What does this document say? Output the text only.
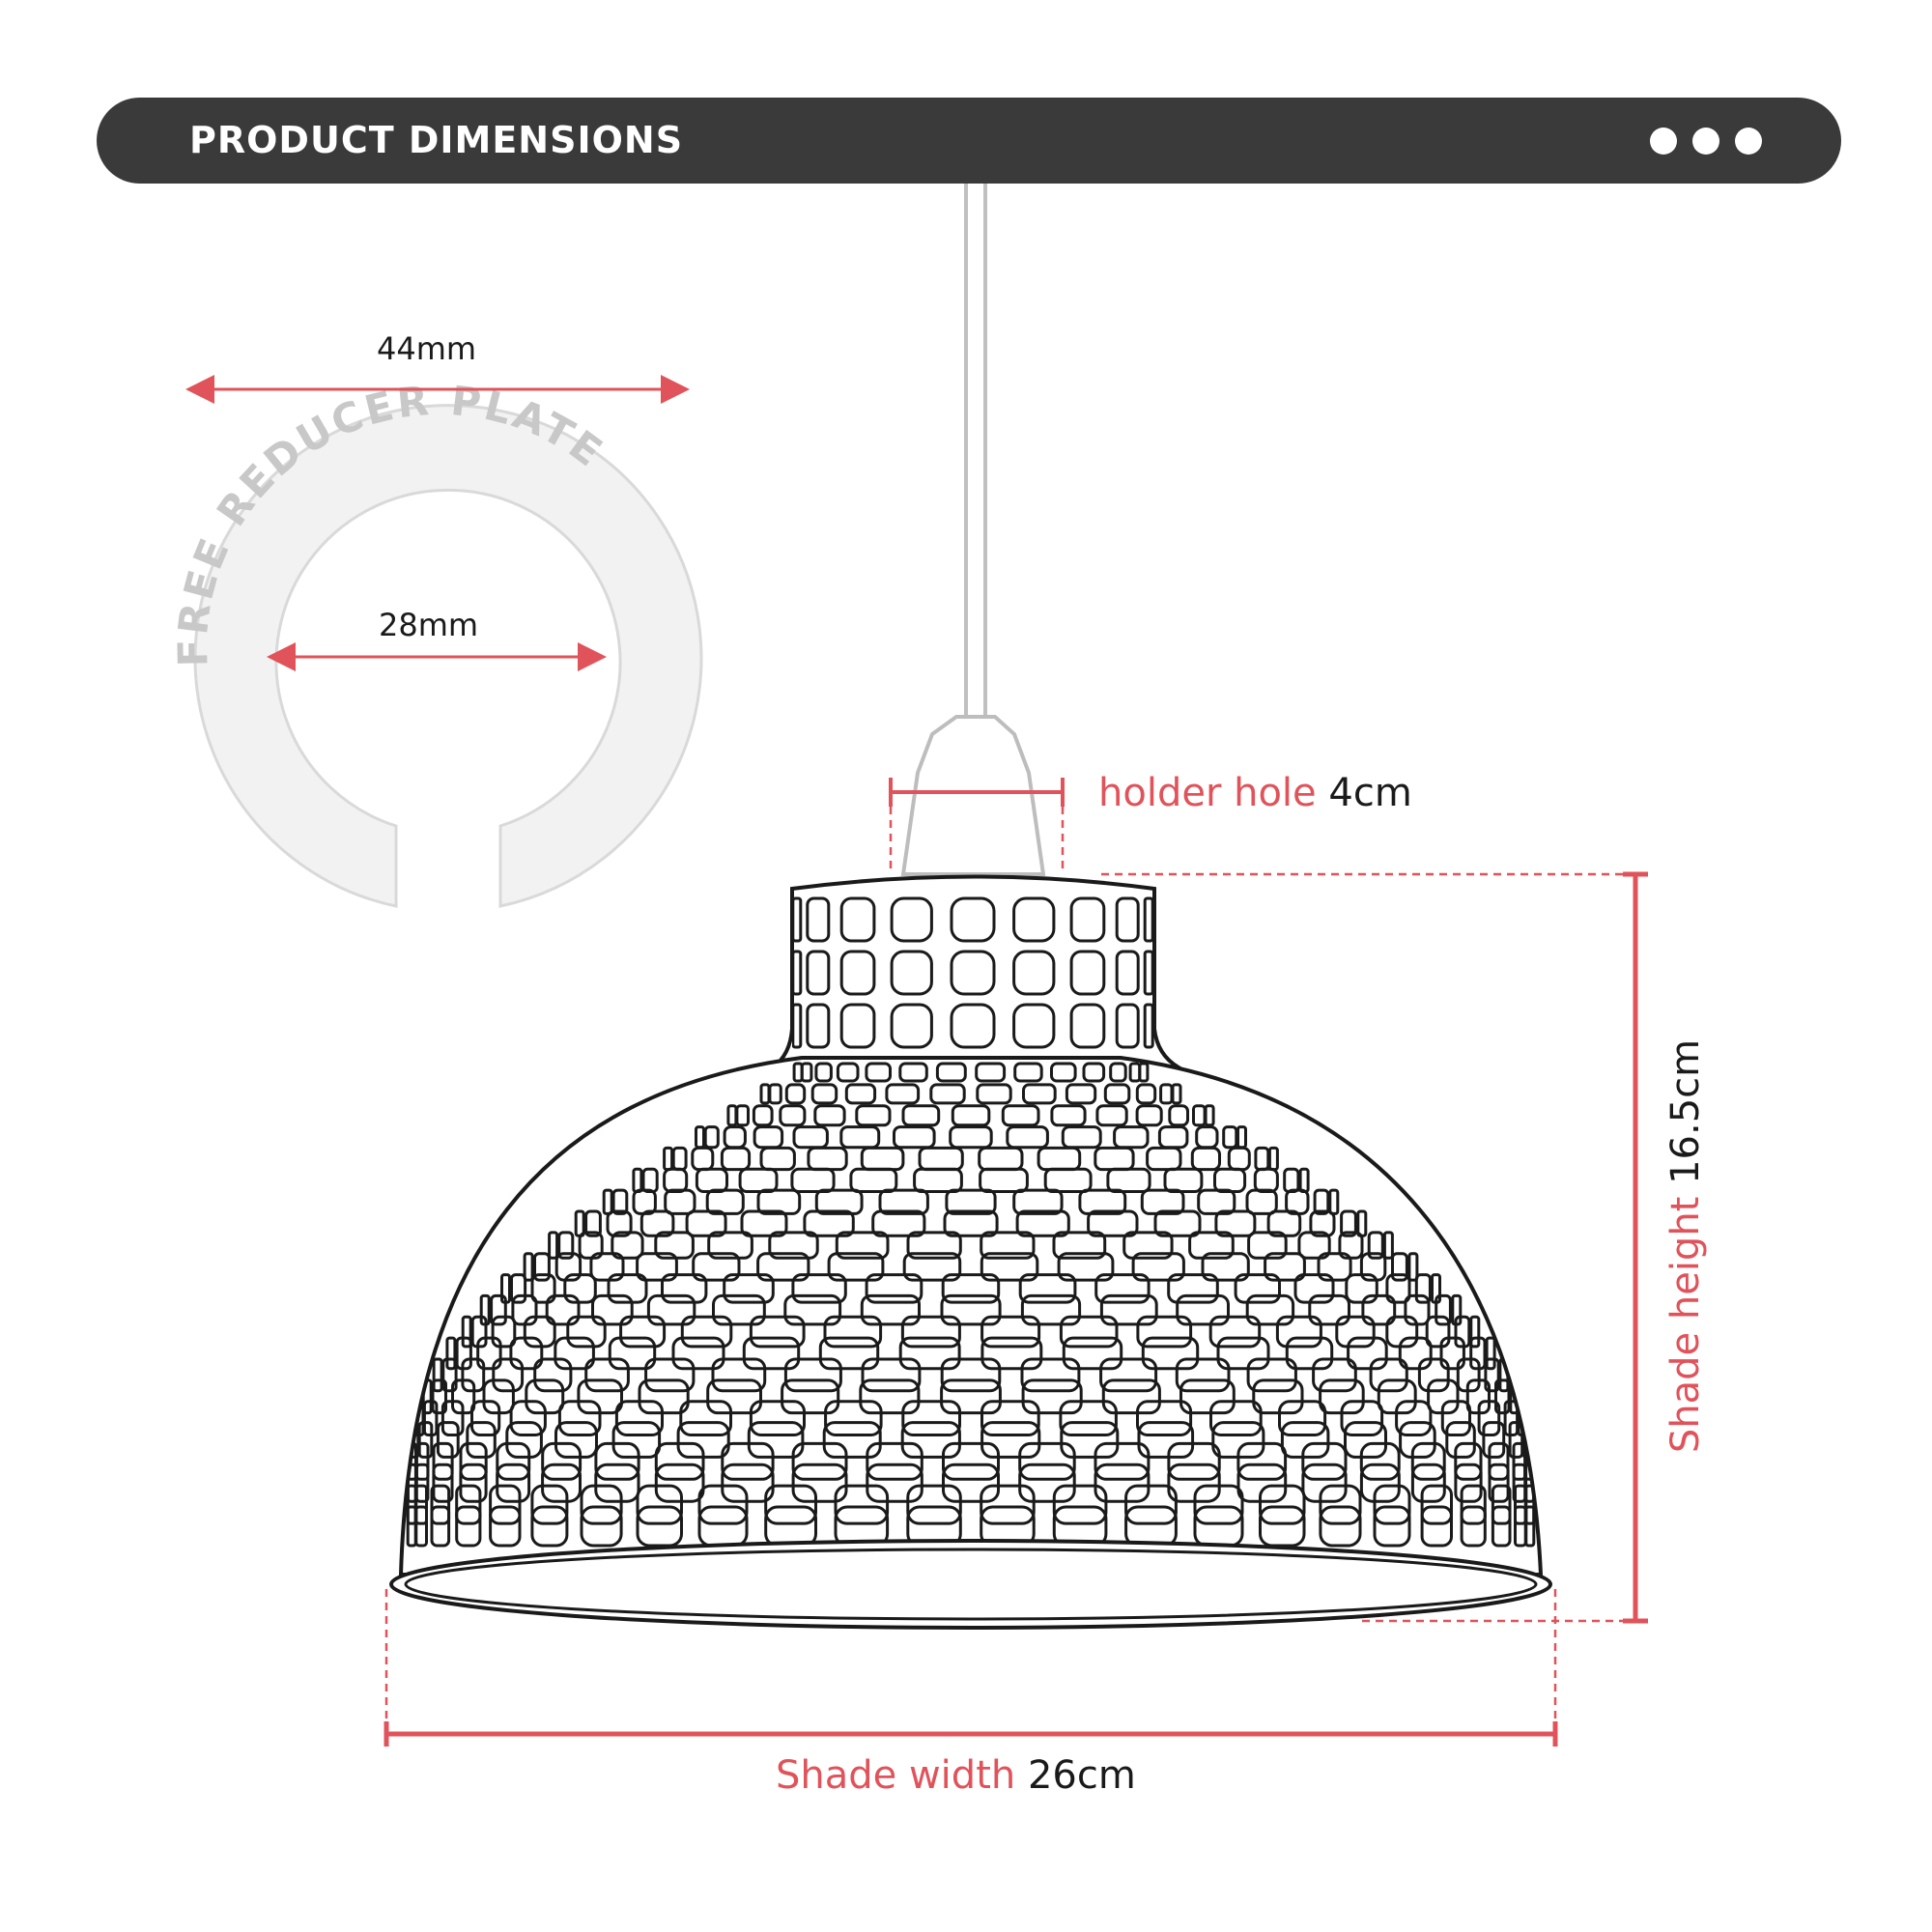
PRODUCT DIMENSIONS
FREE REDUCER PLATE
44mm
28mm
holder hole 4cm
Shade height 16.5cm
Shade width 26cm
